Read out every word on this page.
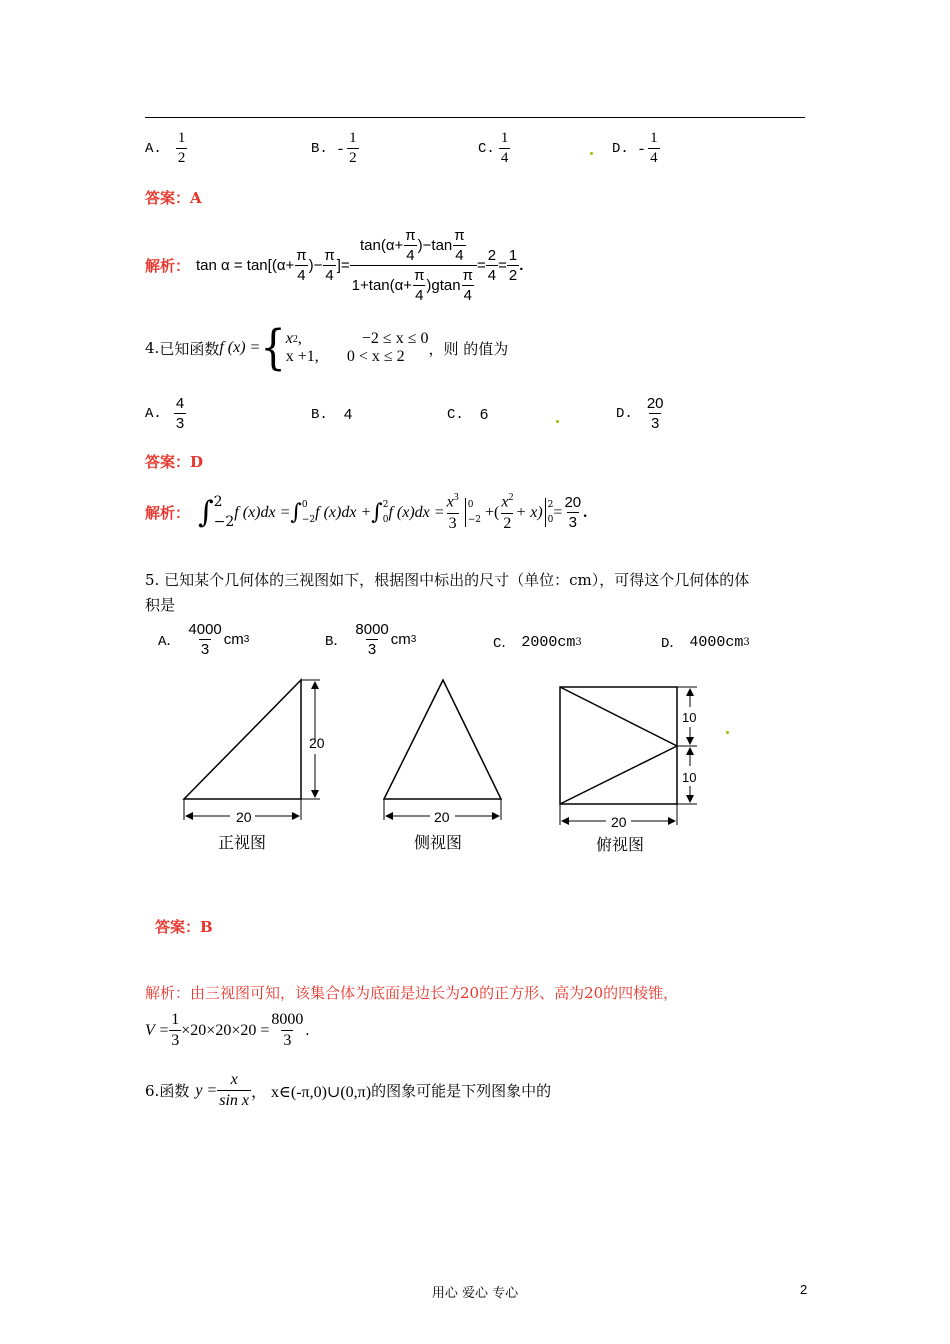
A. $\frac{1}{2}$	B. - $\frac{1}{2}$	C. $\frac{1}{4}$	D. - $\frac{1}{4}$
答案：A
解析： $\tan \alpha = \tan[(\alpha+ \frac{\pi}{4}$ )− $\frac{\pi}{4}$ ]= $\frac{\tan(\alpha+ \frac{\pi}{4} )-\tan \frac{\pi}{4}}{1+\tan(\alpha+ \frac{\pi}{4} )gtan \frac{\pi}{4}} = \frac{2}{4} = \frac{1}{2}$ .
4. 已知函数 f (x) = { x 2 ,	−2 ≤ x ≤ 0
x +1, 0 < x ≤ 2 ，则 的值为
A. $\frac{4}{3}$	B. 4	C. 6	D. $\frac{20}{3}$
答案：D
解析： ∫ 2
−2
f (x)dx = ∫ 0
−2 f (x)dx + ∫ 2
0 f $(x)dx = \frac{x^3}{3} 0$
−2 +( $\frac{x^2}{2} + x$) 2
$0 = \frac{20}{3}$ .
5. 已知某个几何体的三视图如下，根据图中标出的尺寸（单位：cm），可得这个几何体的体
积是
A． $\frac{4000}{3}$ cm 3	B． $\frac{8000}{3}$ cm 3	C． 2000cm 3	D． 4000cm 3
20
20	20
10
10
20
正视图	侧视图	俯视图
答案：B
解析：由三视图可知，该集合体为底面是边长为20的正方形、高为20的四棱锥，
$V = \frac{1}{3} \times 20\times 20\times 20 = \frac{8000}{3}$ .
6. 函数 $y = \frac{x}{\text{sin x}}$ ， x∈(-π,0)∪(0,π) 的图象可能是下列图象中的
用心 爱心 专心	2
